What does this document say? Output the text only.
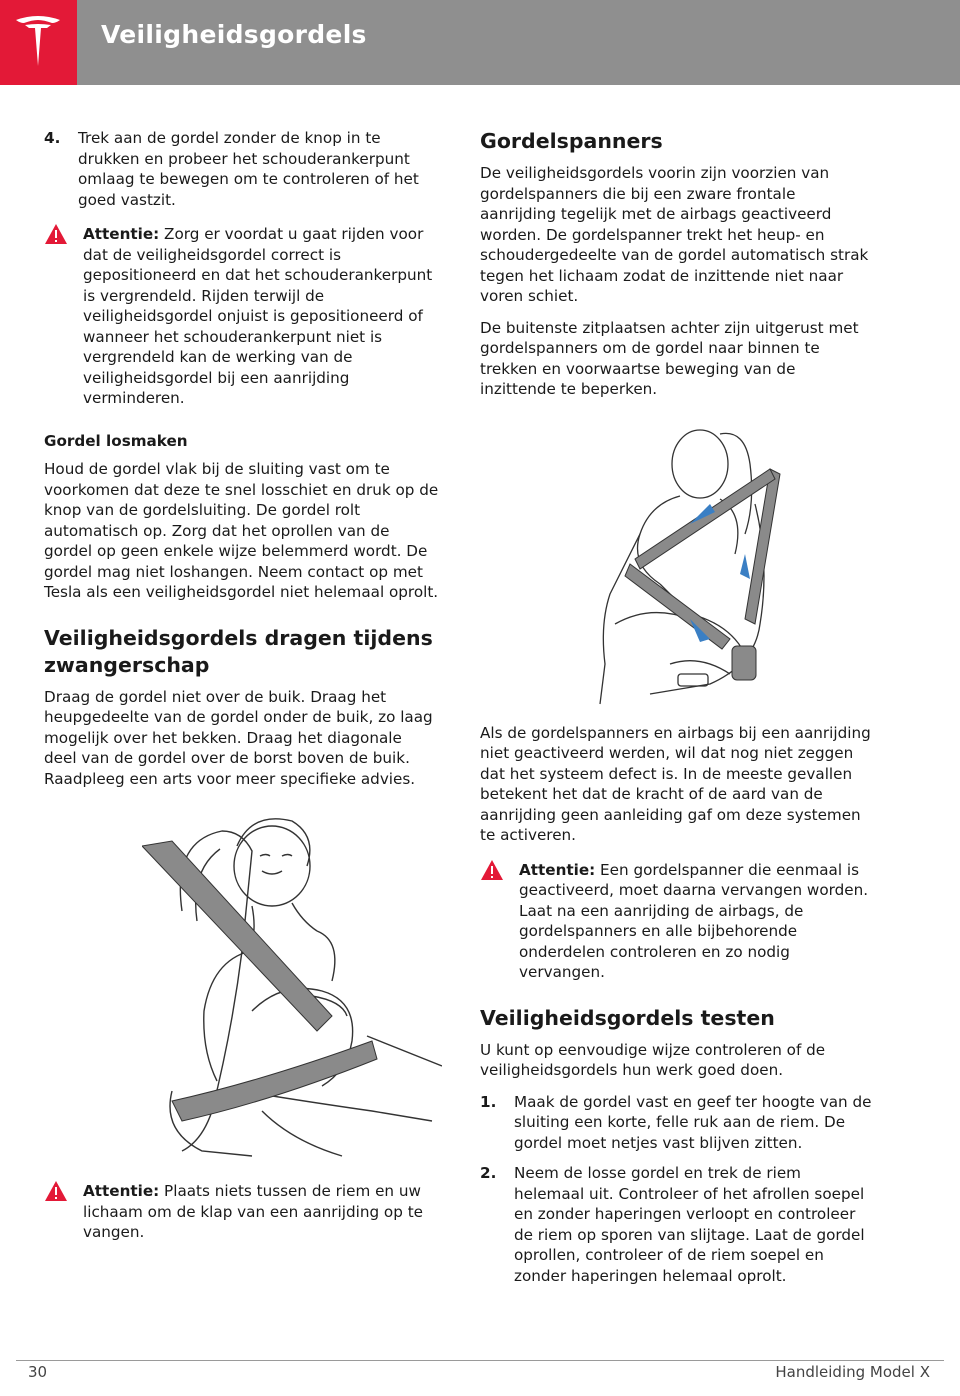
Veiligheidsgordels
4. Trek aan de gordel zonder de knop in te drukken en probeer het schouderankerpunt omlaag te bewegen om te controleren of het goed vastzit.
Attentie: Zorg er voordat u gaat rijden voor dat de veiligheidsgordel correct is gepositioneerd en dat het schouderankerpunt is vergrendeld. Rijden terwijl de veiligheidsgordel onjuist is gepositioneerd of wanneer het schouderankerpunt niet is vergrendeld kan de werking van de veiligheidsgordel bij een aanrijding verminderen.
Gordel losmaken

Houd de gordel vlak bij de sluiting vast om te voorkomen dat deze te snel losschiet en druk op de knop van de gordelsluiting. De gordel rolt automatisch op. Zorg dat het oprollen van de gordel op geen enkele wijze belemmerd wordt. De gordel mag niet loshangen. Neem contact op met Tesla als een veiligheidsgordel niet helemaal oprolt.

Veiligheidsgordels dragen tijdens zwangerschap

Draag de gordel niet over de buik. Draag het heupgedeelte van de gordel onder de buik, zo laag mogelijk over het bekken. Draag het diagonale deel van de gordel over de borst boven de buik. Raadpleeg een arts voor meer specifieke advies.

Attentie: Plaats niets tussen de riem en uw lichaam om de klap van een aanrijding op te vangen.
Gordelspanners

De veiligheidsgordels voorin zijn voorzien van gordelspanners die bij een zware frontale aanrijding tegelijk met de airbags geactiveerd worden. De gordelspanner trekt het heup- en schoudergedeelte van de gordel automatisch strak tegen het lichaam zodat de inzittende niet naar voren schiet.

De buitenste zitplaatsen achter zijn uitgerust met gordelspanners om de gordel naar binnen te trekken en voorwaartse beweging van de inzittende te beperken.

Als de gordelspanners en airbags bij een aanrijding niet geactiveerd werden, wil dat nog niet zeggen dat het systeem defect is. In de meeste gevallen betekent het dat de kracht of de aard van de aanrijding geen aanleiding gaf om deze systemen te activeren.

Attentie: Een gordelspanner die eenmaal is geactiveerd, moet daarna vervangen worden. Laat na een aanrijding de airbags, de gordelspanners en alle bijbehorende onderdelen controleren en zo nodig vervangen.
Veiligheidsgordels testen

U kunt op eenvoudige wijze controleren of de veiligheidsgordels hun werk goed doen.

1. Maak de gordel vast en geef ter hoogte van de sluiting een korte, felle ruk aan de riem. De gordel moet netjes vast blijven zitten.
2. Neem de losse gordel en trek de riem helemaal uit. Controleer of het afrollen soepel en zonder haperingen verloopt en controleer de riem op sporen van slijtage. Laat de gordel oprollen, controleer of de riem soepel en zonder haperingen helemaal oprolt.
30	Handleiding Model X
